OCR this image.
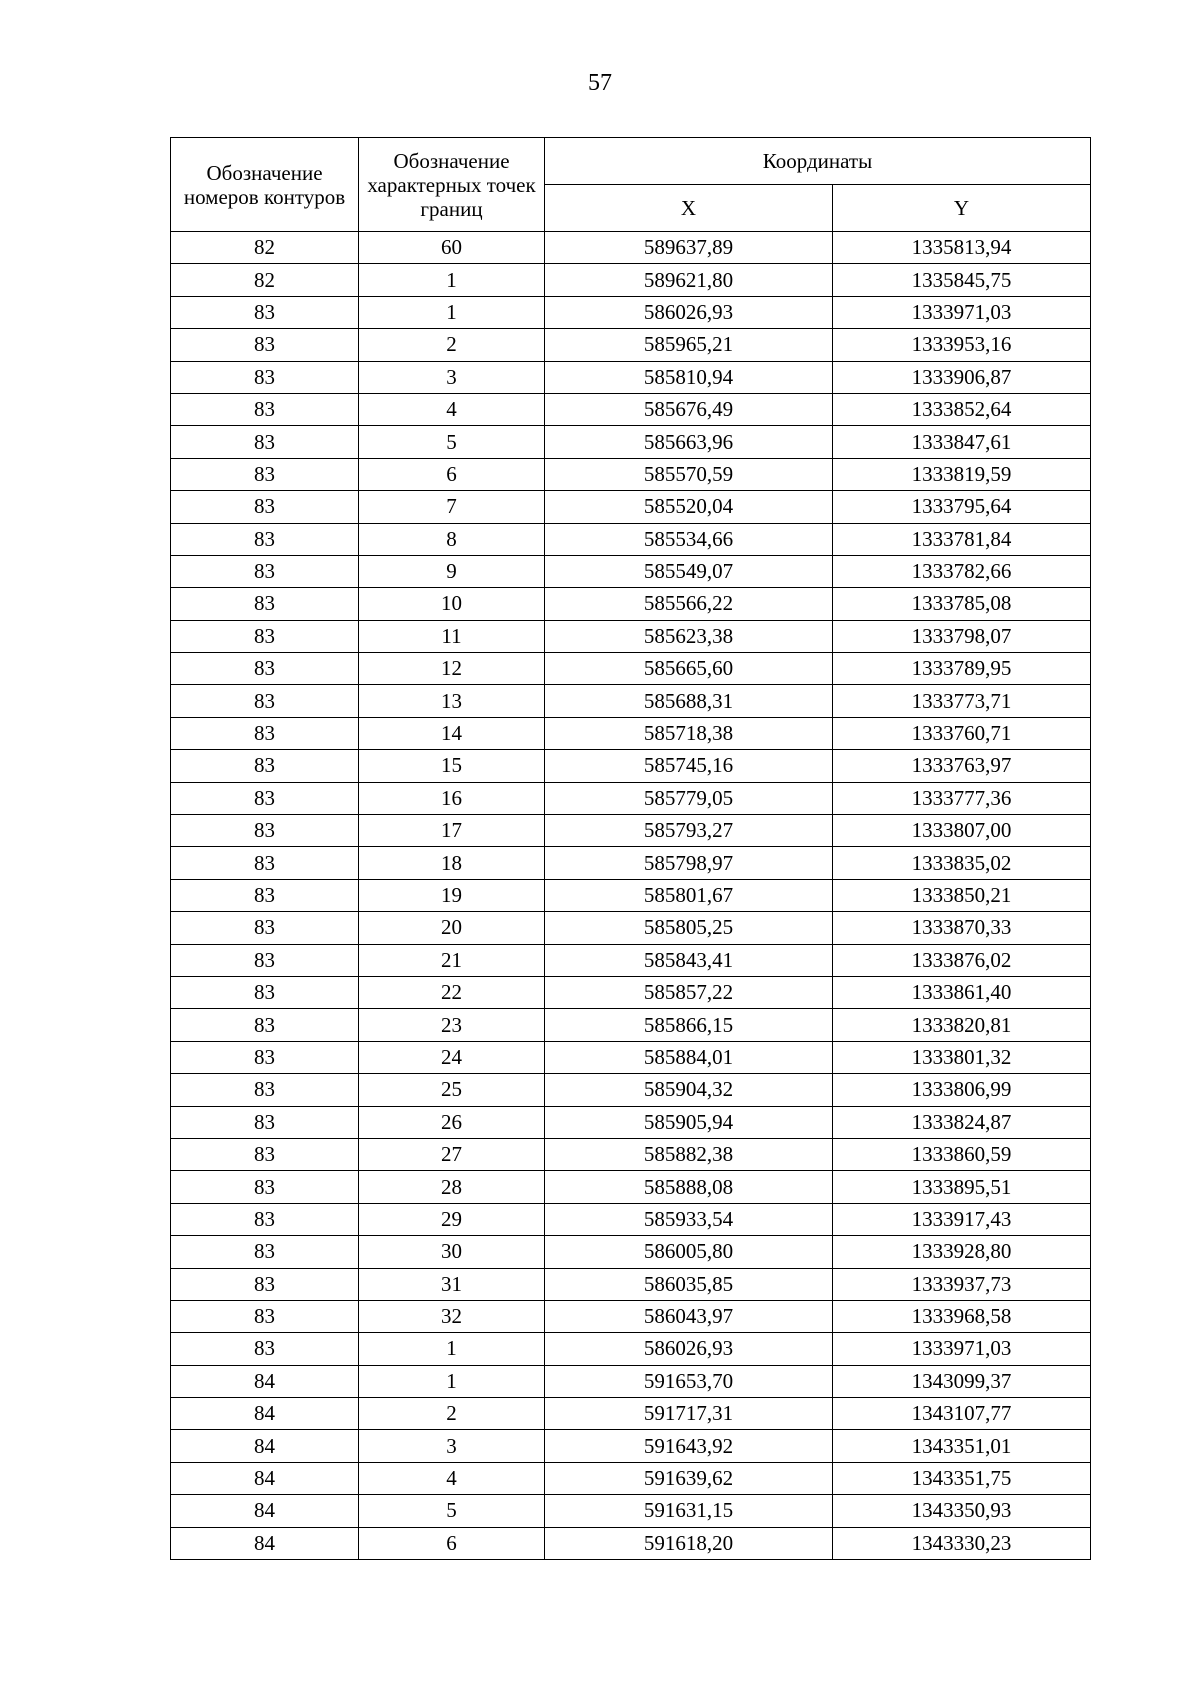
57
Обозначение номеров контуров	Обозначение характерных точек границ	Координаты	
		X	Y
82	60	589637,89	1335813,94
82	1	589621,80	1335845,75
83	1	586026,93	1333971,03
83	2	585965,21	1333953,16
83	3	585810,94	1333906,87
83	4	585676,49	1333852,64
83	5	585663,96	1333847,61
83	6	585570,59	1333819,59
83	7	585520,04	1333795,64
83	8	585534,66	1333781,84
83	9	585549,07	1333782,66
83	10	585566,22	1333785,08
83	11	585623,38	1333798,07
83	12	585665,60	1333789,95
83	13	585688,31	1333773,71
83	14	585718,38	1333760,71
83	15	585745,16	1333763,97
83	16	585779,05	1333777,36
83	17	585793,27	1333807,00
83	18	585798,97	1333835,02
83	19	585801,67	1333850,21
83	20	585805,25	1333870,33
83	21	585843,41	1333876,02
83	22	585857,22	1333861,40
83	23	585866,15	1333820,81
83	24	585884,01	1333801,32
83	25	585904,32	1333806,99
83	26	585905,94	1333824,87
83	27	585882,38	1333860,59
83	28	585888,08	1333895,51
83	29	585933,54	1333917,43
83	30	586005,80	1333928,80
83	31	586035,85	1333937,73
83	32	586043,97	1333968,58
83	1	586026,93	1333971,03
84	1	591653,70	1343099,37
84	2	591717,31	1343107,77
84	3	591643,92	1343351,01
84	4	591639,62	1343351,75
84	5	591631,15	1343350,93
84	6	591618,20	1343330,23
